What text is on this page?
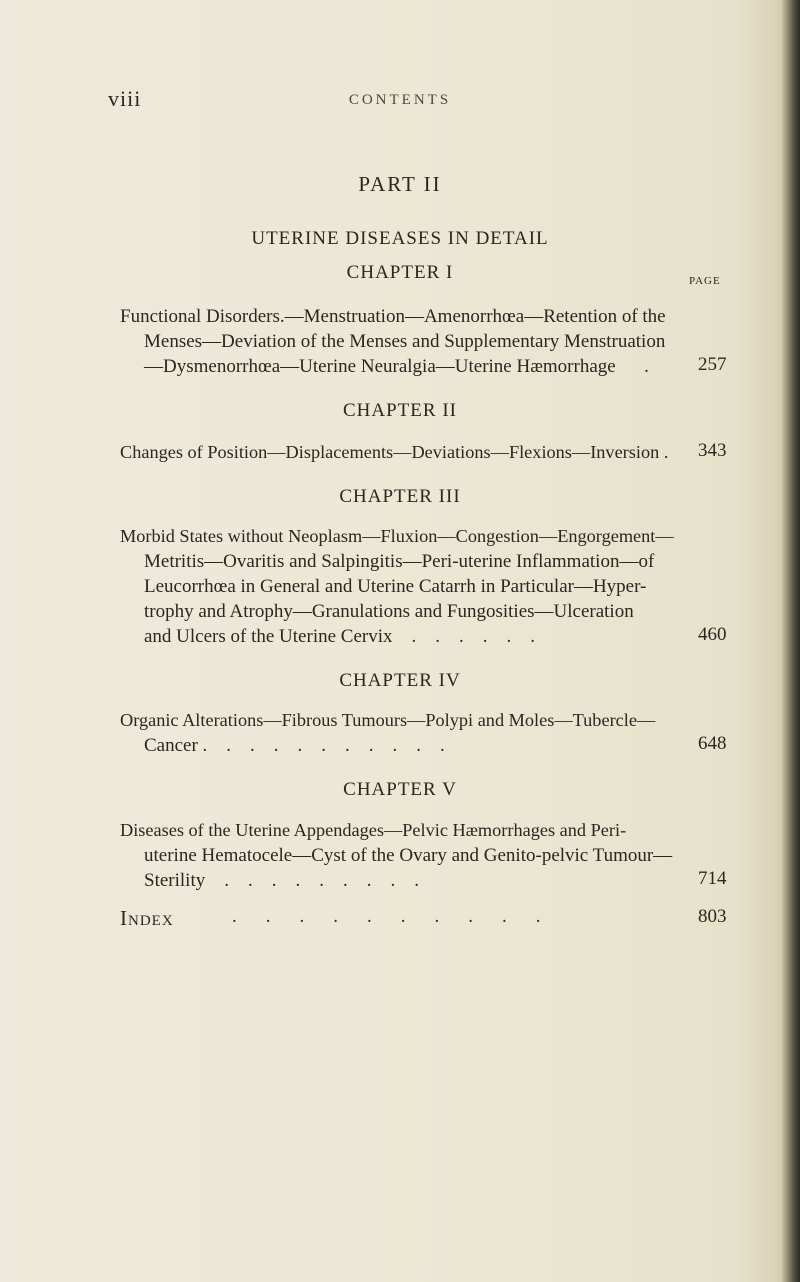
viii	CONTENTS
PART II
UTERINE DISEASES IN DETAIL
PAGE
CHAPTER I
Functional Disorders.—Menstruation—Amenorrhœa—Retention of the
Menses—Deviation of the Menses and Supplementary Menstruation
—Dysmenorrhœa—Uterine Neuralgia—Uterine Hæmorrhage      .	257
CHAPTER II
Changes of Position—Displacements—Deviations—Flexions—Inversion .	343
CHAPTER III
Morbid States without Neoplasm—Fluxion—Congestion—Engorgement—
Metritis—Ovaritis and Salpingitis—Peri-uterine Inflammation—of
Leucorrhœa in General and Uterine Catarrh in Particular—Hyper-
trophy and Atrophy—Granulations and Fungosities—Ulceration
and Ulcers of the Uterine Cervix    .    .    .    .    .    .	460
CHAPTER IV
Organic Alterations—Fibrous Tumours—Polypi and Moles—Tubercle—
Cancer .    .    .    .    .    .    .    .    .    .    .	648
CHAPTER V
Diseases of the Uterine Appendages—Pelvic Hæmorrhages and Peri-
uterine Hematocele—Cyst of the Ovary and Genito-pelvic Tumour—
Sterility    .    .    .    .    .    .    .    .    .	714
Index	.    .    .    .    .    .    .    .    .    .	803
